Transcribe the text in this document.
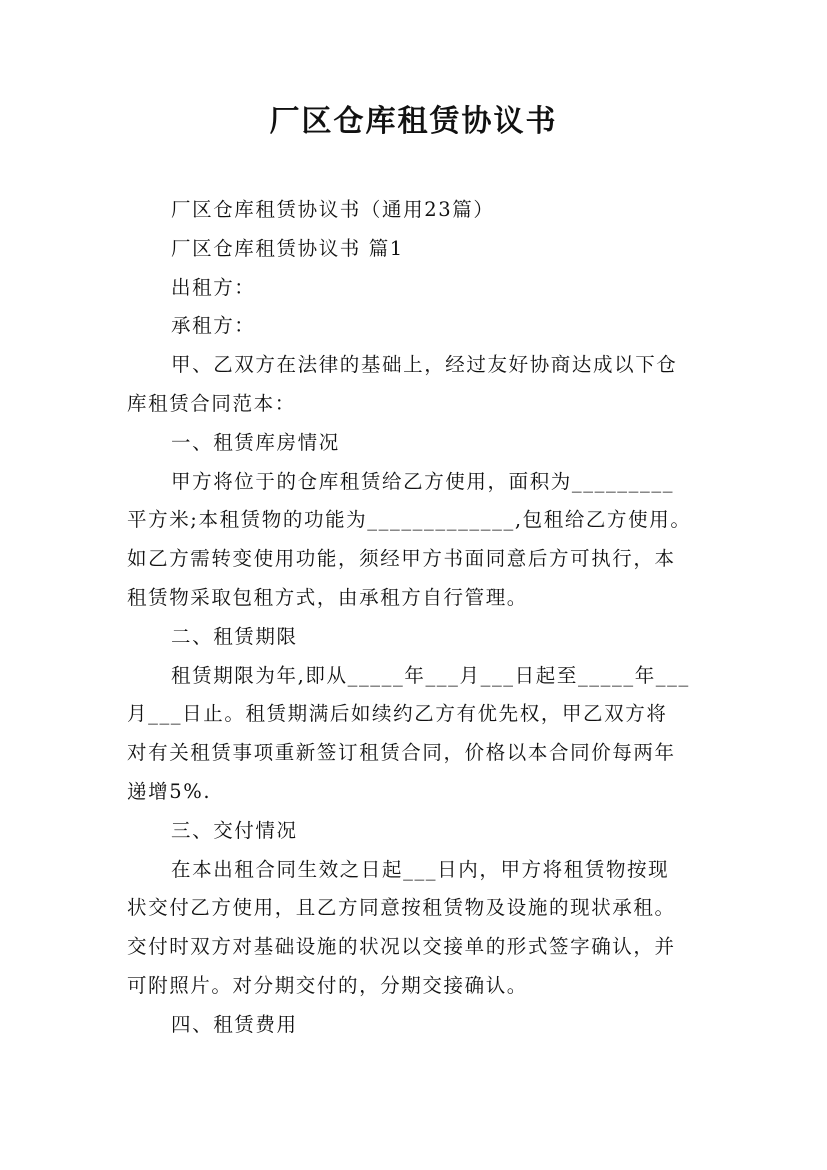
厂区仓库租赁协议书
厂区仓库租赁协议书（通用23篇）
厂区仓库租赁协议书 篇1
出租方：
承租方：
甲、乙双方在法律的基础上，经过友好协商达成以下仓
库租赁合同范本：
一、租赁库房情况
甲方将位于的仓库租赁给乙方使用，面积为_________
平方米;本租赁物的功能为_____________,包租给乙方使用。
如乙方需转变使用功能，须经甲方书面同意后方可执行，本
租赁物采取包租方式，由承租方自行管理。
二、租赁期限
租赁期限为年,即从_____年___月___日起至_____年___
月___日止。租赁期满后如续约乙方有优先权，甲乙双方将
对有关租赁事项重新签订租赁合同，价格以本合同价每两年
递增5%.
三、交付情况
在本出租合同生效之日起___日内，甲方将租赁物按现
状交付乙方使用，且乙方同意按租赁物及设施的现状承租。
交付时双方对基础设施的状况以交接单的形式签字确认，并
可附照片。对分期交付的，分期交接确认。
四、租赁费用
